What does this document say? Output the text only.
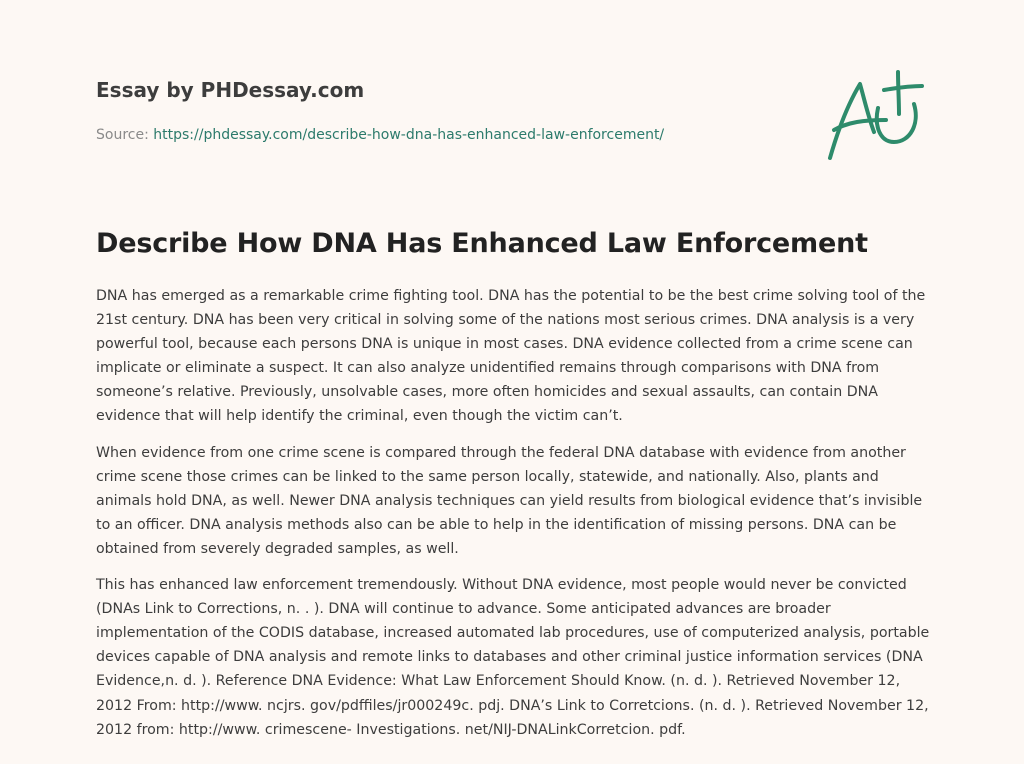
Essay by PHDessay.com
Source: https://phdessay.com/describe-how-dna-has-enhanced-law-enforcement/
Describe How DNA Has Enhanced Law Enforcement

DNA has emerged as a remarkable crime fighting tool. DNA has the potential to be the best crime solving tool of the 21st century. DNA has been very critical in solving some of the nations most serious crimes. DNA analysis is a very powerful tool, because each persons DNA is unique in most cases. DNA evidence collected from a crime scene can implicate or eliminate a suspect. It can also analyze unidentified remains through comparisons with DNA from someone’s relative. Previously, unsolvable cases, more often homicides and sexual assaults, can contain DNA evidence that will help identify the criminal, even though the victim can’t.

When evidence from one crime scene is compared through the federal DNA database with evidence from another crime scene those crimes can be linked to the same person locally, statewide, and nationally. Also, plants and animals hold DNA, as well. Newer DNA analysis techniques can yield results from biological evidence that’s invisible to an officer. DNA analysis methods also can be able to help in the identification of missing persons. DNA can be obtained from severely degraded samples, as well.

This has enhanced law enforcement tremendously. Without DNA evidence, most people would never be convicted (DNAs Link to Corrections, n. . ). DNA will continue to advance. Some anticipated advances are broader implementation of the CODIS database, increased automated lab procedures, use of computerized analysis, portable devices capable of DNA analysis and remote links to databases and other criminal justice information services (DNA Evidence,n. d. ). Reference DNA Evidence: What Law Enforcement Should Know. (n. d. ). Retrieved November 12, 2012 From: http://www. ncjrs. gov/pdffiles/jr000249c. pdj. DNA’s Link to Corretcions. (n. d. ). Retrieved November 12, 2012 from: http://www. crimescene- Investigations. net/NIJ-DNALinkCorretcion. pdf.
